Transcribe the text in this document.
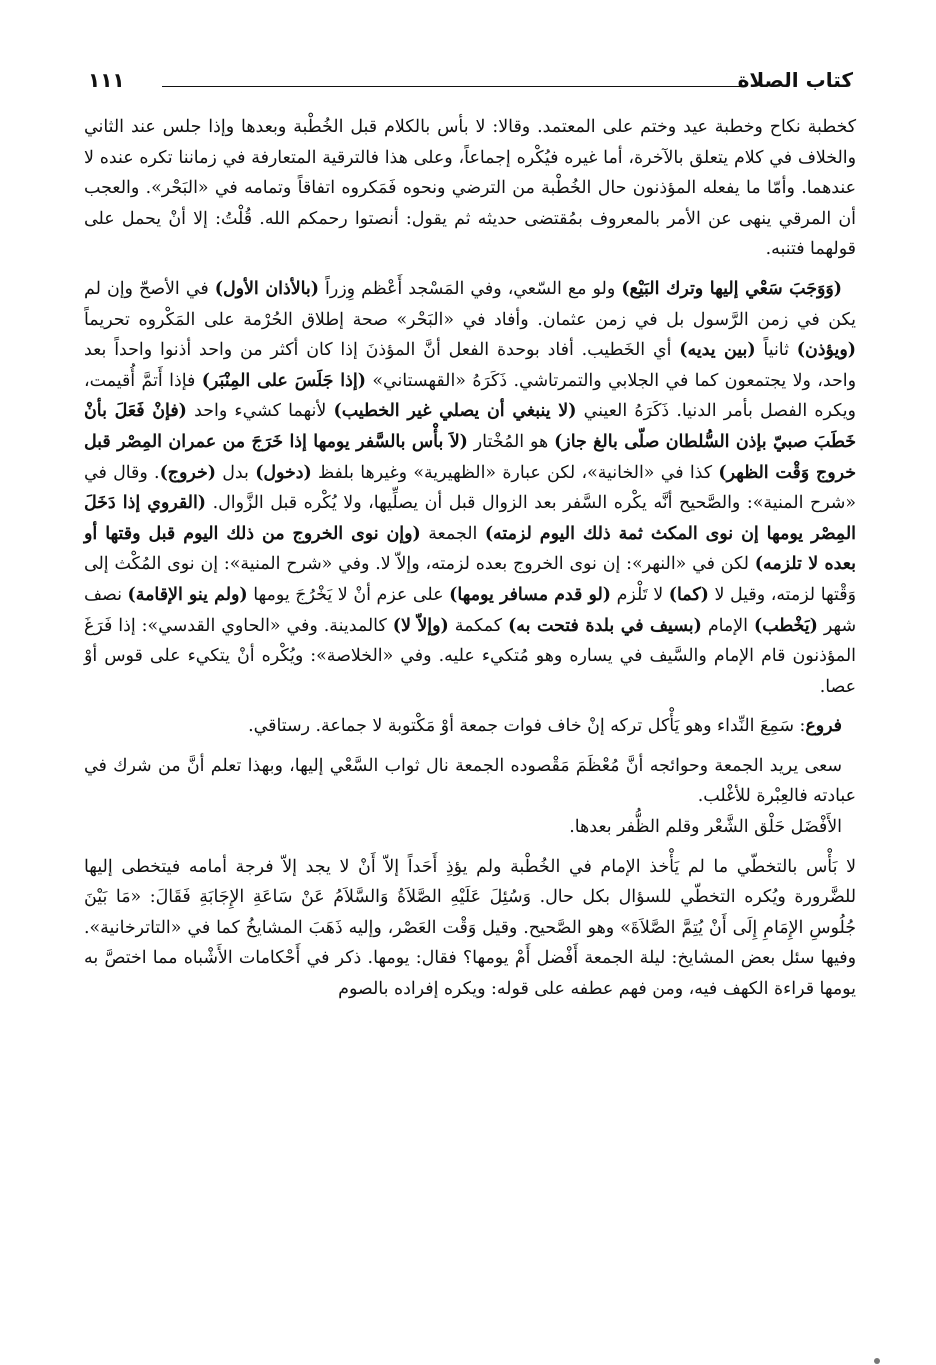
كتاب الصلاة
١١١

كخطبة نكاح وخطبة عيد وختم على المعتمد. وقالا: لا بأس بالكلام قبل الخُطْبة وبعدها وإذا جلس عند الثاني والخلاف في كلام يتعلق بالآخرة، أما غيره فيُكْره إجماعاً، وعلى هذا فالترقية المتعارفة في زماننا تكره عنده لا عندهما. وأمّا ما يفعله المؤذنون حال الخُطْبة من الترضي ونحوه فَمَكروه اتفاقاً وتمامه في «البَحْر». والعجب أن المرقي ينهى عن الأمر بالمعروف بمُقتضى حديثه ثم يقول: أنصتوا رحمكم الله. قُلْتُ: إلا أنْ يحمل على قولهما فتنبه.

(وَوَجَبَ سَعْي إليها وترك البَيْع) ولو مع السّعي، وفي المَسْجد أَعْظم وِزراً (بالأذان الأول) في الأصحّ وإن لم يكن في زمن الرَّسول بل في زمن عثمان. وأفاد في «البَحْر» صحة إطلاق الحُرْمة على المَكْروه تحريماً (ويؤذن) ثانياً (بين يديه) أي الخَطيب. أفاد بوحدة الفعل أنَّ المؤذنَ إذا كان أكثر من واحد أذنوا واحداً بعد واحد، ولا يجتمعون كما في الجلابي والتمرتاشي. ذَكَرَهُ «القهستاني» (إذا جَلَسَ على المِنْبَر) فإذا أَتمَّ أُقيمت، ويكره الفصل بأمر الدنيا. ذَكَرَهُ العيني (لا ينبغي أن يصلي غير الخطيب) لأنهما كشيء واحد (فإنْ فَعَلَ بأنْ خَطَبَ صبيّ بإذن السُّلطان صلّى بالغ جاز) هو المُخْتار (لاَ بأْس بالسَّفر يومها إذا خَرَجَ من عمران المِصْر قبل خروج وَقْت الظهر) كذا في «الخانية»، لكن عبارة «الظهيرية» وغيرها بلفظ (دخول) بدل (خروج). وقال في «شرح المنية»: والصَّحيح أنَّه يكْره السَّفر بعد الزوال قبل أن يصلِّيها، ولا يُكْره قبل الزَّوال. (القروي إذا دَخَلَ المِصْر يومها إن نوى المكث ثمة ذلك اليوم لزمته) الجمعة (وإن نوى الخروج من ذلك اليوم قبل وقتها أو بعده لا تلزمه) لكن في «النهر»: إن نوى الخروج بعده لزمته، وإلاّ لا. وفي «شرح المنية»: إن نوى المُكْث إلى وَقْتها لزمته، وقيل لا (كما) لا تَلْزم (لو قدم مسافر يومها) على عزم أنْ لا يَخْرُجَ يومها (ولم ينو الإقامة) نصف شهر (يَخْطب) الإمام (بسيف في بلدة فتحت به) كمكمة (وإلاّ لا) كالمدينة. وفي «الحاوي القدسي»: إذا فَرَغَ المؤذنون قام الإمام والسَّيف في يساره وهو مُتكيء عليه. وفي «الخلاصة»: ويُكْره أنْ يتكيء على قوس أوْ عصا.

فروع: سَمِعَ النِّداء وهو يَأْكل تركه إنْ خاف فوات جمعة أوْ مَكْتوبة لا جماعة. رستاقي.

سعى يريد الجمعة وحوائجه أنَّ مُعْظَمَ مَقْصوده الجمعة نال ثواب السَّعْي إليها، وبهذا تعلم أنَّ من شرك في عبادته فالعِبْرة للأغْلب.

الأَفْضَل حَلْق الشَّعْر وقلم الظُّفر بعدها.

لا بَأْس بالتخطّي ما لم يَأْخذ الإمام في الخُطْبة ولم يؤذِ أَحَداً إلاّ أَنْ لا يجد إلاّ فرجة أمامه فيتخطى إليها للضَّرورة ويُكره التخطّي للسؤال بكل حال. وَسُئِلَ عَلَيْهِ الصَّلاَةُ وَالسَّلاَمُ عَنْ سَاعَةِ الإِجَابَةِ فَقَالَ: «مَا بَيْنَ جُلُوسِ الإِمَامِ إِلَى أَنْ يُتِمَّ الصَّلاَةَ» وهو الصَّحيح. وقيل وَقْت العَصْر، وإليه ذَهَبَ المشايخُ كما في «التاترخانية». وفيها سئل بعض المشايخ: ليلة الجمعة أَفْضل أَمْ يومها؟ فقال: يومها. ذكر في أَحْكامات الأَشْباه مما اختصَّ به يومها قراءة الكهف فيه، ومن فهم عطفه على قوله: ويكره إفراده بالصوم
